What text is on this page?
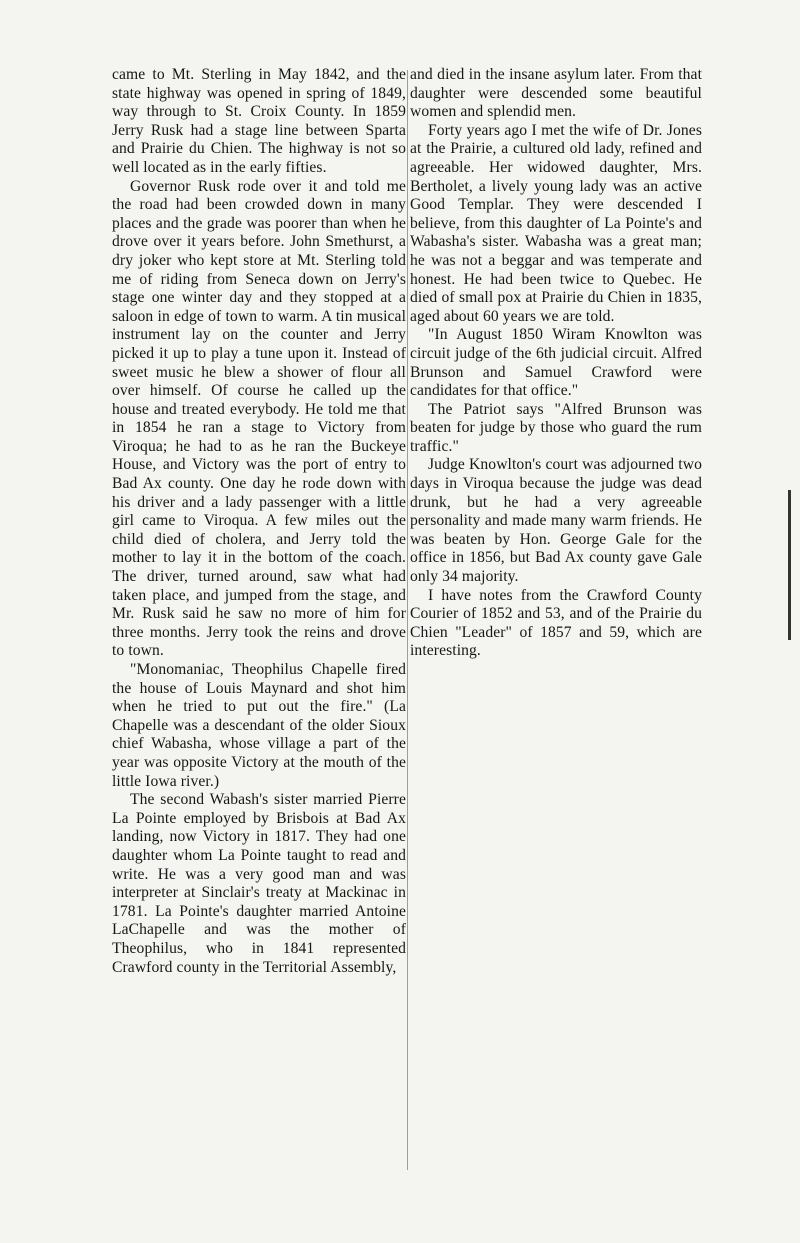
came to Mt. Sterling in May 1842, and the state highway was opened in spring of 1849, way through to St. Croix County. In 1859 Jerry Rusk had a stage line between Sparta and Prairie du Chien. The highway is not so well located as in the early fifties.

Governor Rusk rode over it and told me the road had been crowded down in many places and the grade was poorer than when he drove over it years before. John Smethurst, a dry joker who kept store at Mt. Sterling told me of riding from Seneca down on Jerry's stage one winter day and they stopped at a saloon in edge of town to warm. A tin musical instrument lay on the counter and Jerry picked it up to play a tune upon it. Instead of sweet music he blew a shower of flour all over himself. Of course he called up the house and treated everybody. He told me that in 1854 he ran a stage to Victory from Viroqua; he had to as he ran the Buckeye House, and Victory was the port of entry to Bad Ax county. One day he rode down with his driver and a lady passenger with a little girl came to Viroqua. A few miles out the child died of cholera, and Jerry told the mother to lay it in the bottom of the coach. The driver, turned around, saw what had taken place, and jumped from the stage, and Mr. Rusk said he saw no more of him for three months. Jerry took the reins and drove to town.

"Monomaniac, Theophilus Chapelle fired the house of Louis Maynard and shot him when he tried to put out the fire." (La Chapelle was a descendant of the older Sioux chief Wabasha, whose village a part of the year was opposite Victory at the mouth of the little Iowa river.)

The second Wabash's sister married Pierre La Pointe employed by Brisbois at Bad Ax landing, now Victory in 1817. They had one daughter whom La Pointe taught to read and write. He was a very good man and was interpreter at Sinclair's treaty at Mackinac in 1781. La Pointe's daughter married Antoine LaChapelle and was the mother of Theophilus, who in 1841 represented Crawford county in the Territorial Assembly,

and died in the insane asylum later. From that daughter were descended some beautiful women and splendid men.

Forty years ago I met the wife of Dr. Jones at the Prairie, a cultured old lady, refined and agreeable. Her widowed daughter, Mrs. Bertholet, a lively young lady was an active Good Templar. They were descended I believe, from this daughter of La Pointe's and Wabasha's sister. Wabasha was a great man; he was not a beggar and was temperate and honest. He had been twice to Quebec. He died of small pox at Prairie du Chien in 1835, aged about 60 years we are told.

"In August 1850 Wiram Knowlton was circuit judge of the 6th judicial circuit. Alfred Brunson and Samuel Crawford were candidates for that office."

The Patriot says "Alfred Brunson was beaten for judge by those who guard the rum traffic."

Judge Knowlton's court was adjourned two days in Viroqua because the judge was dead drunk, but he had a very agreeable personality and made many warm friends. He was beaten by Hon. George Gale for the office in 1856, but Bad Ax county gave Gale only 34 majority.

I have notes from the Crawford County Courier of 1852 and 53, and of the Prairie du Chien "Leader" of 1857 and 59, which are interesting.
